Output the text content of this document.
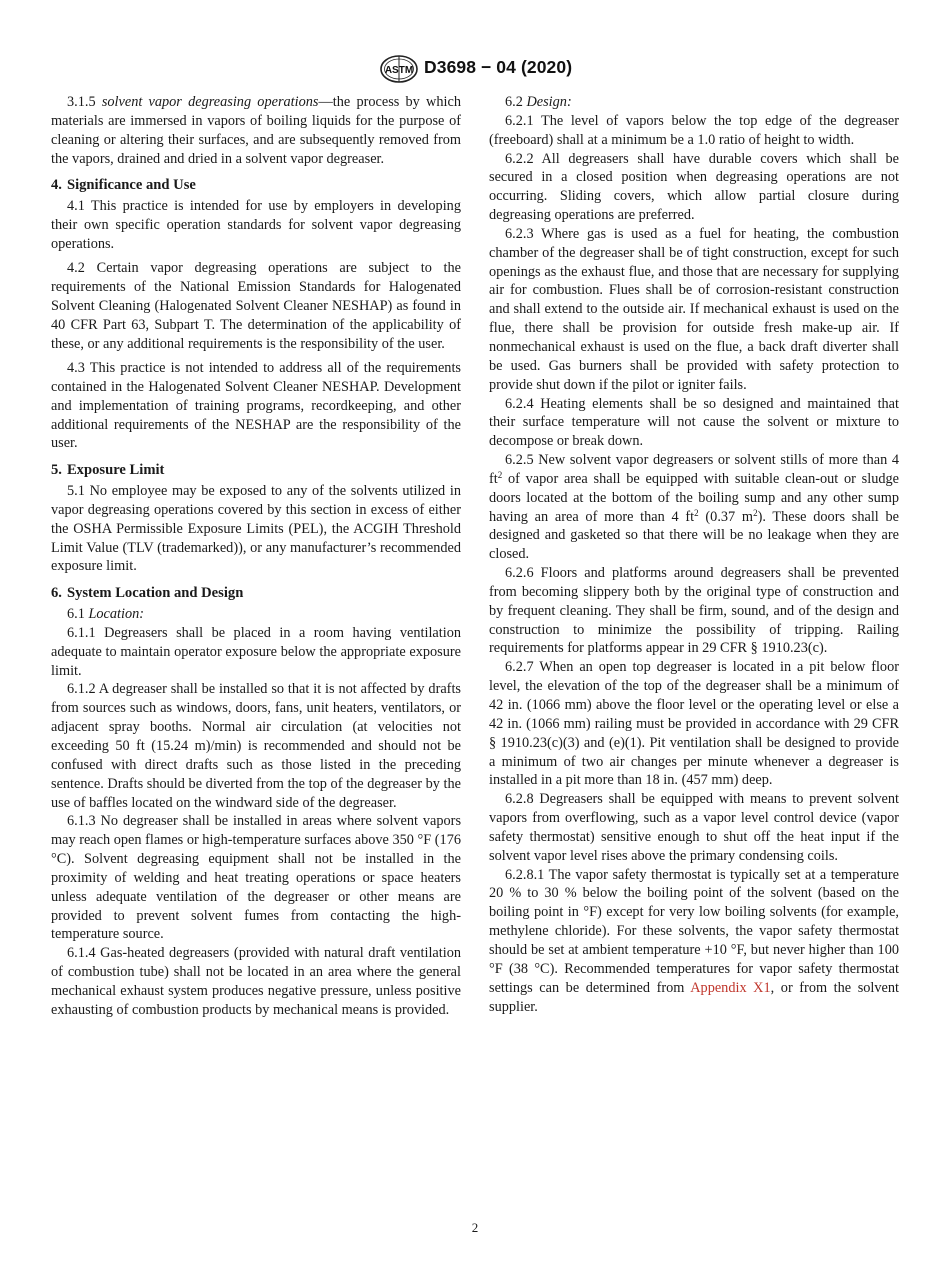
ASTM D3698 − 04 (2020)

3.1.5 solvent vapor degreasing operations—the process by which materials are immersed in vapors of boiling liquids for the purpose of cleaning or altering their surfaces, and are subsequently removed from the vapors, drained and dried in a solvent vapor degreaser.

4. Significance and Use

4.1 This practice is intended for use by employers in developing their own specific operation standards for solvent vapor degreasing operations.

4.2 Certain vapor degreasing operations are subject to the requirements of the National Emission Standards for Halogenated Solvent Cleaning (Halogenated Solvent Cleaner NESHAP) as found in 40 CFR Part 63, Subpart T. The determination of the applicability of these, or any additional requirements is the responsibility of the user.

4.3 This practice is not intended to address all of the requirements contained in the Halogenated Solvent Cleaner NESHAP. Development and implementation of training programs, recordkeeping, and other additional requirements of the NESHAP are the responsibility of the user.

5. Exposure Limit

5.1 No employee may be exposed to any of the solvents utilized in vapor degreasing operations covered by this section in excess of either the OSHA Permissible Exposure Limits (PEL), the ACGIH Threshold Limit Value (TLV (trademarked)), or any manufacturer’s recommended exposure limit.

6. System Location and Design

6.1 Location:

6.1.1 Degreasers shall be placed in a room having ventilation adequate to maintain operator exposure below the appropriate exposure limit.

6.1.2 A degreaser shall be installed so that it is not affected by drafts from sources such as windows, doors, fans, unit heaters, ventilators, or adjacent spray booths. Normal air circulation (at velocities not exceeding 50 ft (15.24 m)/min) is recommended and should not be confused with direct drafts such as those listed in the preceding sentence. Drafts should be diverted from the top of the degreaser by the use of baffles located on the windward side of the degreaser.

6.1.3 No degreaser shall be installed in areas where solvent vapors may reach open flames or high-temperature surfaces above 350 °F (176 °C). Solvent degreasing equipment shall not be installed in the proximity of welding and heat treating operations or space heaters unless adequate ventilation of the degreaser or other means are provided to prevent solvent fumes from contacting the high-temperature source.

6.1.4 Gas-heated degreasers (provided with natural draft ventilation of combustion tube) shall not be located in an area where the general mechanical exhaust system produces negative pressure, unless positive exhausting of combustion products by mechanical means is provided.

6.2 Design:

6.2.1 The level of vapors below the top edge of the degreaser (freeboard) shall at a minimum be a 1.0 ratio of height to width.

6.2.2 All degreasers shall have durable covers which shall be secured in a closed position when degreasing operations are not occurring. Sliding covers, which allow partial closure during degreasing operations are preferred.

6.2.3 Where gas is used as a fuel for heating, the combustion chamber of the degreaser shall be of tight construction, except for such openings as the exhaust flue, and those that are necessary for supplying air for combustion. Flues shall be of corrosion-resistant construction and shall extend to the outside air. If mechanical exhaust is used on the flue, there shall be provision for outside fresh make-up air. If nonmechanical exhaust is used on the flue, a back draft diverter shall be used. Gas burners shall be provided with safety protection to provide shut down if the pilot or igniter fails.

6.2.4 Heating elements shall be so designed and maintained that their surface temperature will not cause the solvent or mixture to decompose or break down.

6.2.5 New solvent vapor degreasers or solvent stills of more than 4 $ft^2$ of vapor area shall be equipped with suitable clean-out or sludge doors located at the bottom of the boiling sump and any other sump having an area of more than 4 $ft^2$ (0.37 $m^2$). These doors shall be designed and gasketed so that there will be no leakage when they are closed.

6.2.6 Floors and platforms around degreasers shall be prevented from becoming slippery both by the original type of construction and by frequent cleaning. They shall be firm, sound, and of the design and construction to minimize the possibility of tripping. Railing requirements for platforms appear in 29 CFR § 1910.23(c).

6.2.7 When an open top degreaser is located in a pit below floor level, the elevation of the top of the degreaser shall be a minimum of 42 in. (1066 mm) above the floor level or the operating level or else a 42 in. (1066 mm) railing must be provided in accordance with 29 CFR § 1910.23(c)(3) and (e)(1). Pit ventilation shall be designed to provide a minimum of two air changes per minute whenever a degreaser is installed in a pit more than 18 in. (457 mm) deep.

6.2.8 Degreasers shall be equipped with means to prevent solvent vapors from overflowing, such as a vapor level control device (vapor safety thermostat) sensitive enough to shut off the heat input if the solvent vapor level rises above the primary condensing coils.

6.2.8.1 The vapor safety thermostat is typically set at a temperature 20 % to 30 % below the boiling point of the solvent (based on the boiling point in °F) except for very low boiling solvents (for example, methylene chloride). For these solvents, the vapor safety thermostat should be set at ambient temperature +10 °F, but never higher than 100 °F (38 °C). Recommended temperatures for vapor safety thermostat settings can be determined from Appendix X1, or from the solvent supplier.

2
